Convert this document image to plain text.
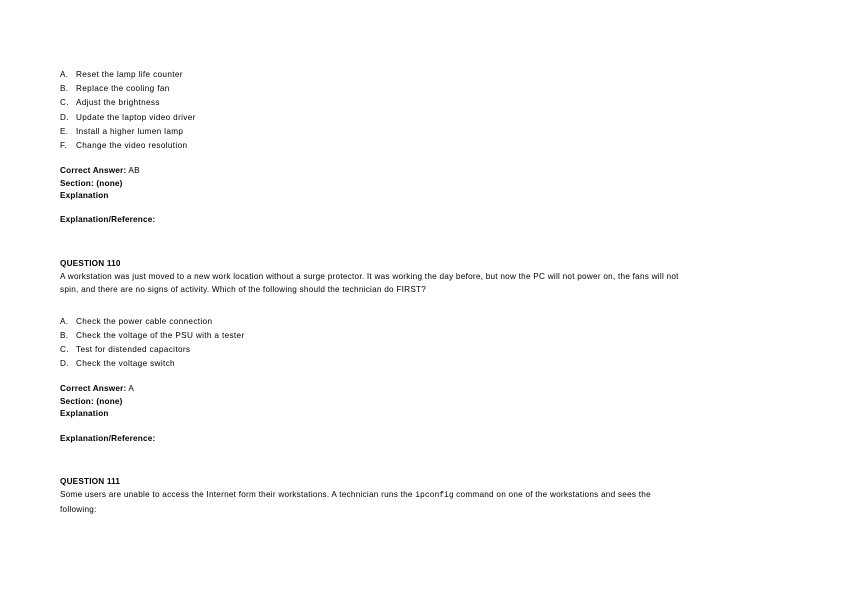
A. Reset the lamp life counter
B. Replace the cooling fan
C. Adjust the brightness
D. Update the laptop video driver
E. Install a higher lumen lamp
F. Change the video resolution
Correct Answer: AB
Section: (none)
Explanation
Explanation/Reference:
QUESTION 110
A workstation was just moved to a new work location without a surge protector. It was working the day before, but now the PC will not power on, the fans will not
spin, and there are no signs of activity. Which of the following should the technician do FIRST?
A. Check the power cable connection
B. Check the voltage of the PSU with a tester
C. Test for distended capacitors
D. Check the voltage switch
Correct Answer: A
Section: (none)
Explanation
Explanation/Reference:
QUESTION 111
Some users are unable to access the Internet form their workstations. A technician runs the ipconfig command on one of the workstations and sees the
following:
